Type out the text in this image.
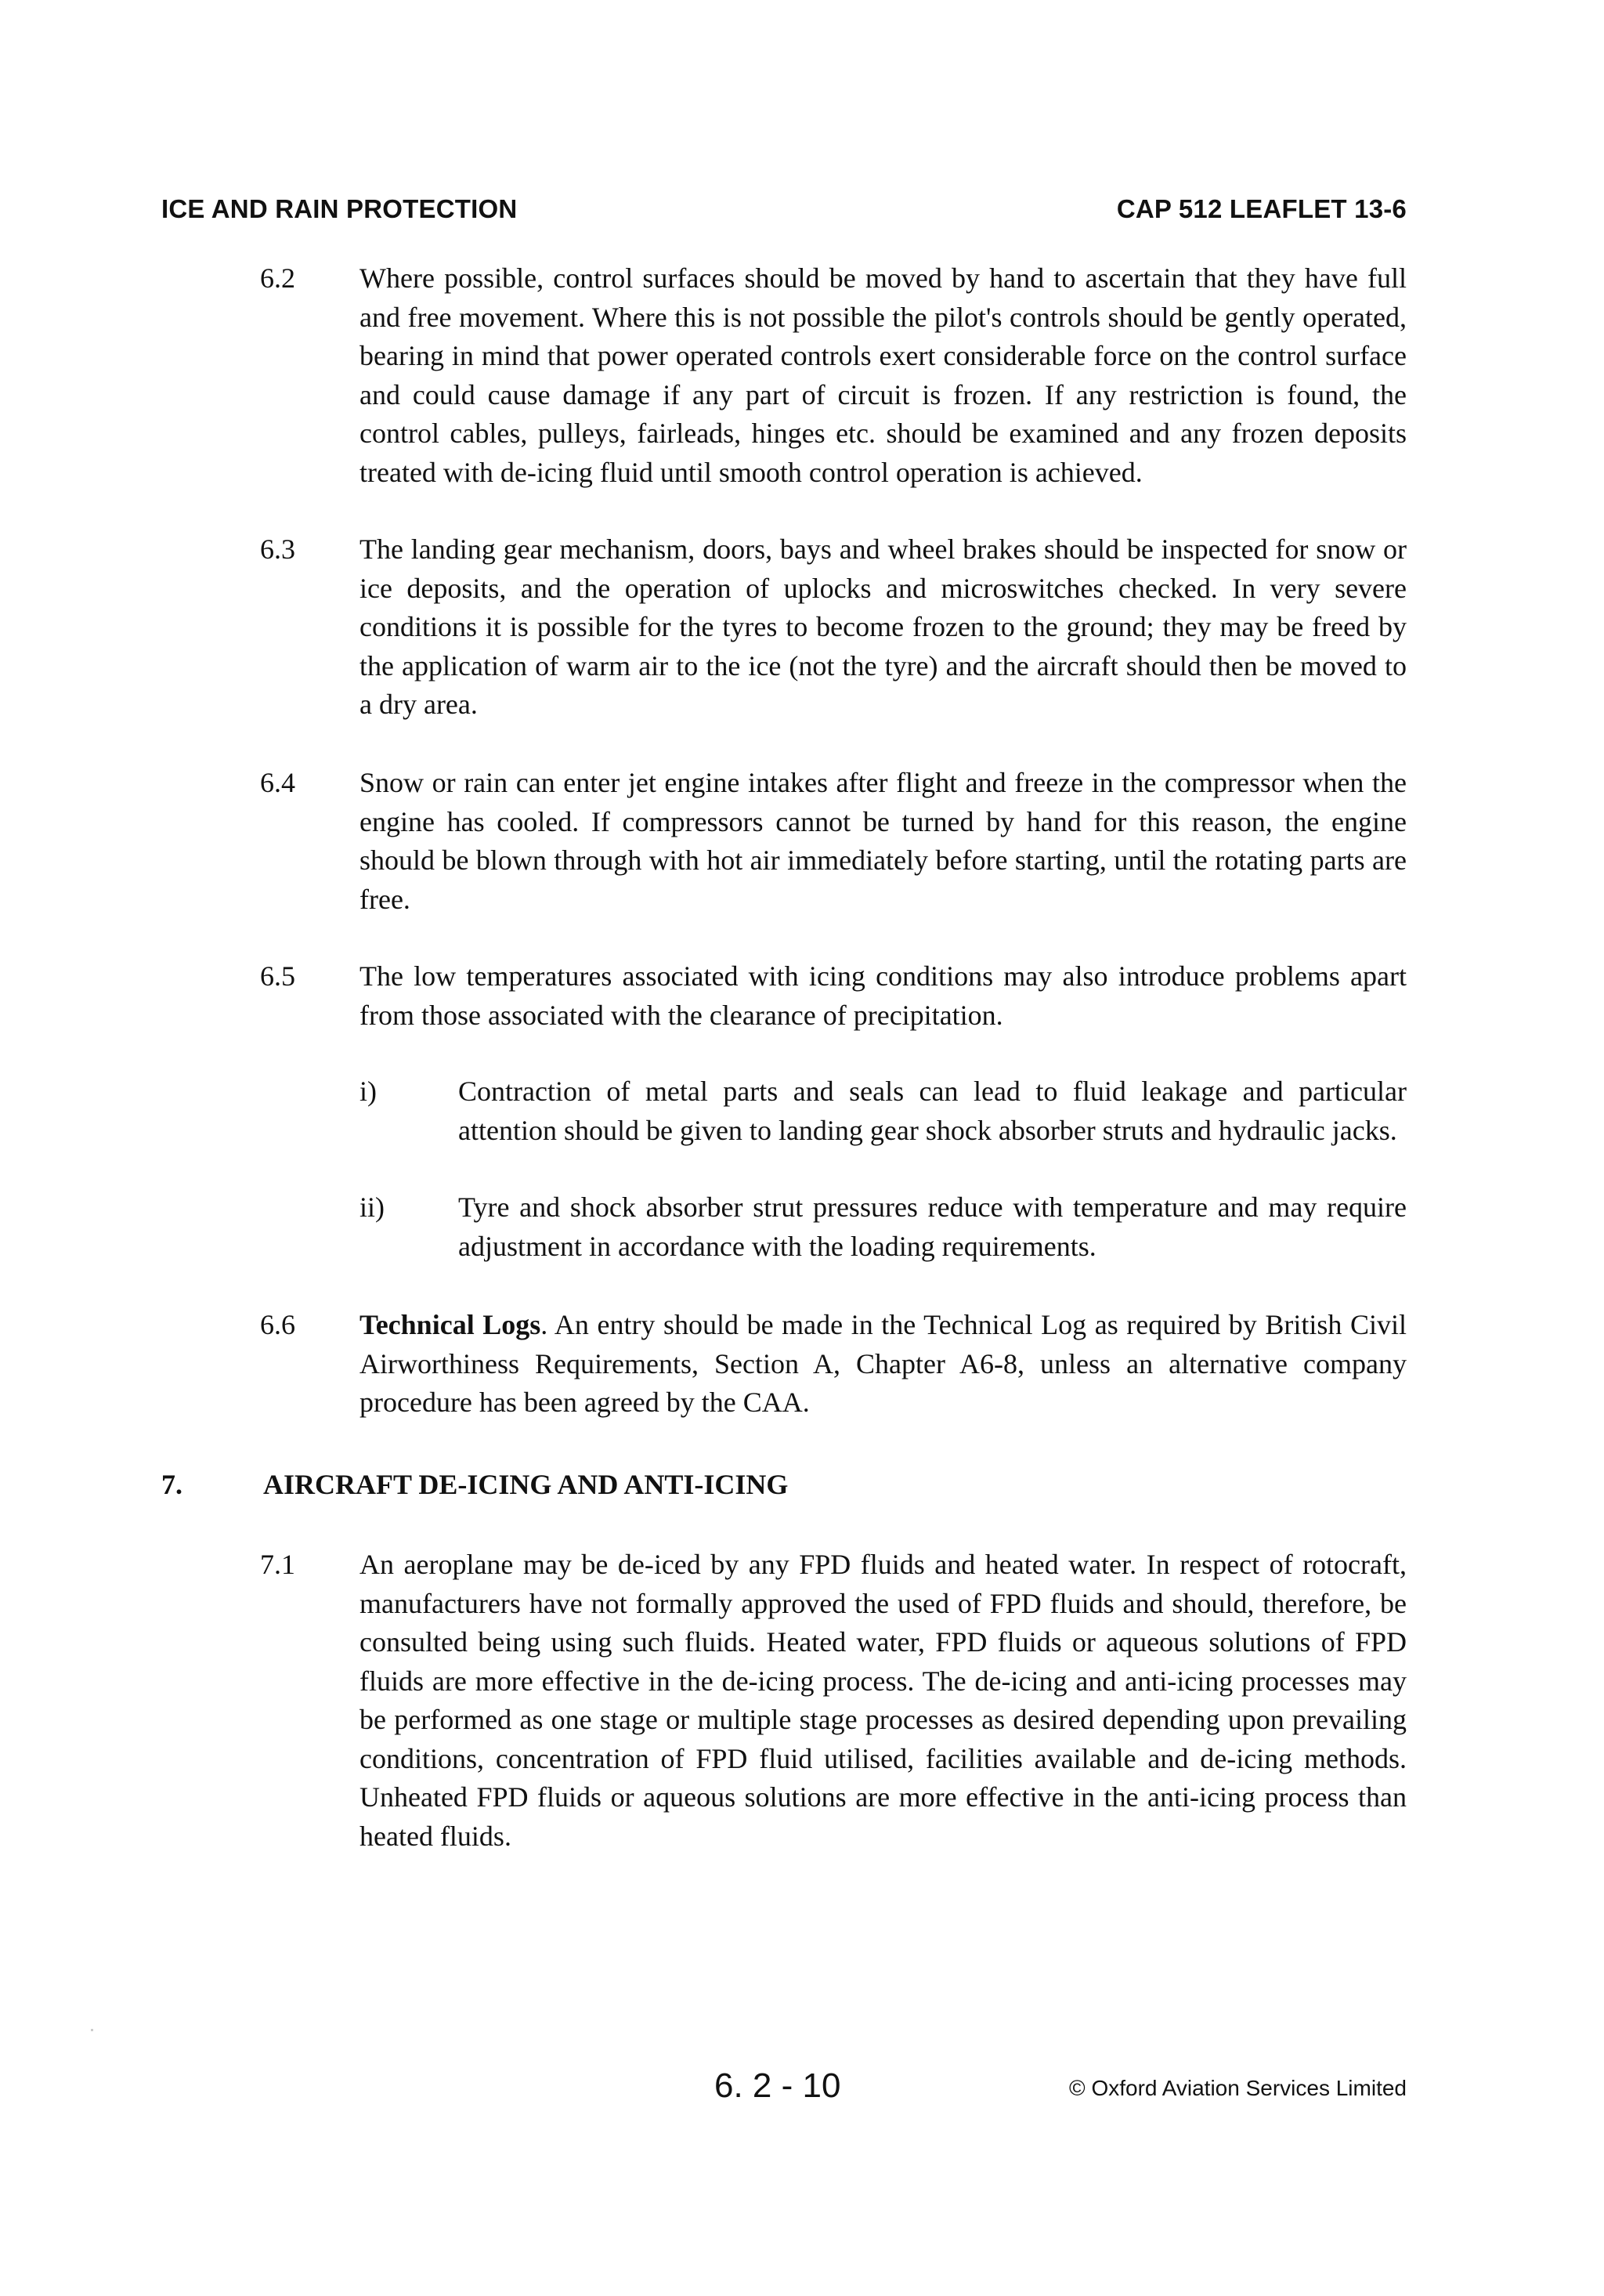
ICE AND RAIN PROTECTION	CAP 512 LEAFLET 13-6
6.2 Where possible, control surfaces should be moved by hand to ascertain that they have full and free movement. Where this is not possible the pilot's controls should be gently operated, bearing in mind that power operated controls exert considerable force on the control surface and could cause damage if any part of circuit is frozen. If any restriction is found, the control cables, pulleys, fairleads, hinges etc. should be examined and any frozen deposits treated with de-icing fluid until smooth control operation is achieved.
6.3 The landing gear mechanism, doors, bays and wheel brakes should be inspected for snow or ice deposits, and the operation of uplocks and microswitches checked. In very severe conditions it is possible for the tyres to become frozen to the ground; they may be freed by the application of warm air to the ice (not the tyre) and the aircraft should then be moved to a dry area.
6.4 Snow or rain can enter jet engine intakes after flight and freeze in the compressor when the engine has cooled. If compressors cannot be turned by hand for this reason, the engine should be blown through with hot air immediately before starting, until the rotating parts are free.
6.5 The low temperatures associated with icing conditions may also introduce problems apart from those associated with the clearance of precipitation.
i)	Contraction of metal parts and seals can lead to fluid leakage and particular attention should be given to landing gear shock absorber struts and hydraulic jacks.
ii)	Tyre and shock absorber strut pressures reduce with temperature and may require adjustment in accordance with the loading requirements.
6.6 Technical Logs. An entry should be made in the Technical Log as required by British Civil Airworthiness Requirements, Section A, Chapter A6-8, unless an alternative company procedure has been agreed by the CAA.
7.	AIRCRAFT DE-ICING AND ANTI-ICING
7.1 An aeroplane may be de-iced by any FPD fluids and heated water. In respect of rotocraft, manufacturers have not formally approved the used of FPD fluids and should, therefore, be consulted being using such fluids. Heated water, FPD fluids or aqueous solutions of FPD fluids are more effective in the de-icing process. The de-icing and anti-icing processes may be performed as one stage or multiple stage processes as desired depending upon prevailing conditions, concentration of FPD fluid utilised, facilities available and de-icing methods. Unheated FPD fluids or aqueous solutions are more effective in the anti-icing process than heated fluids.
6. 2 - 10	© Oxford Aviation Services Limited
